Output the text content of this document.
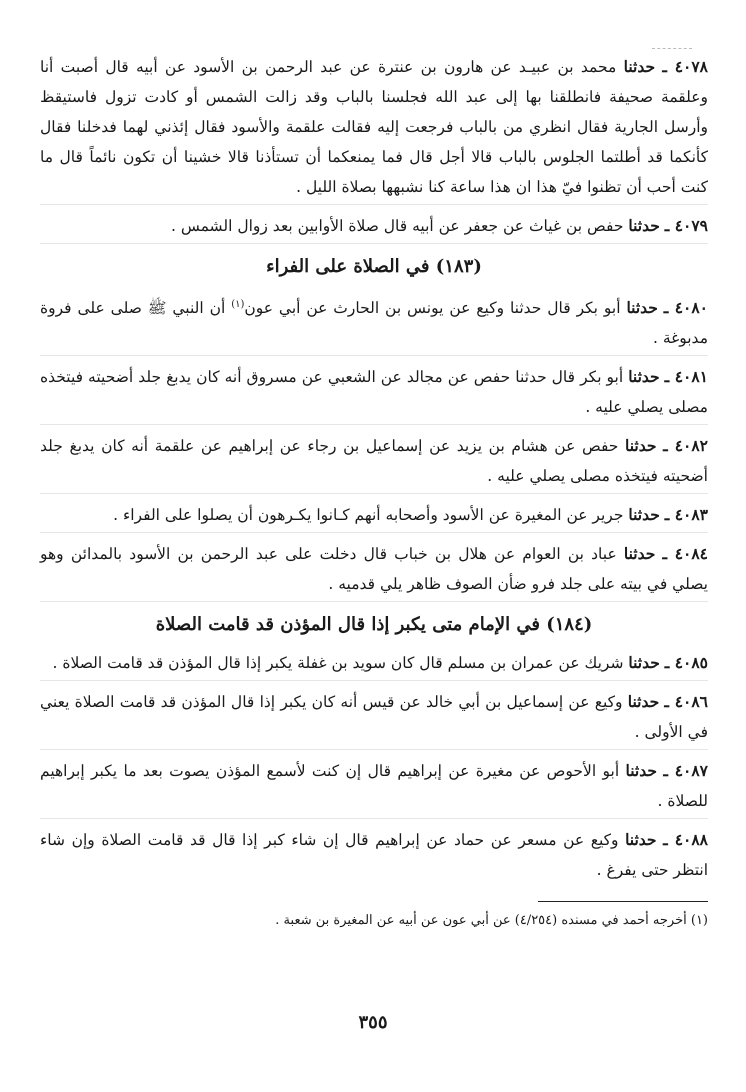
٤٠٧٨ ـ حدثنا محمد بن عبيـد عن هارون بن عنترة عن عبد الرحمن بن الأسود عن أبيه قال أصبت أنا وعلقمة صحيفة فانطلقنا بها إلى عبد الله فجلسنا بالباب وقد زالت الشمس أو كادت تزول فاستيقظ وأرسل الجارية فقال انظري من بالباب فرجعت إليه فقالت علقمة والأسود فقال إئذني لهما فدخلنا فقال كأنكما قد أطلتما الجلوس بالباب قالا أجل قال فما يمنعكما أن تستأذنا قالا خشينا أن تكون نائماً قال ما كنت أحب أن تظنوا فيّ هذا ان هذا ساعة كنا نشبهها بصلاة الليل .

٤٠٧٩ ـ حدثنا حفص بن غياث عن جعفر عن أبيه قال صلاة الأوابين بعد زوال الشمس .

(١٨٣) في الصلاة على الفراء

٤٠٨٠ ـ حدثنا أبو بكر قال حدثنا وكيع عن يونس بن الحارث عن أبي عون$^{(١)}$ أن النبي ﷺ صلى على فروة مدبوغة .

٤٠٨١ ـ حدثنا أبو بكر قال حدثنا حفص عن مجالد عن الشعبي عن مسروق أنه كان يدبغ جلد أضحيته فيتخذه مصلى يصلي عليه .

٤٠٨٢ ـ حدثنا حفص عن هشام بن يزيد عن إسماعيل بن رجاء عن إبراهيم عن علقمة أنه كان يدبغ جلد أضحيته فيتخذه مصلى يصلي عليه .

٤٠٨٣ ـ حدثنا جرير عن المغيرة عن الأسود وأصحابه أنهم كـانوا يكـرهون أن يصلوا على الفراء .

٤٠٨٤ ـ حدثنا عباد بن العوام عن هلال بن خباب قال دخلت على عبد الرحمن بن الأسود بالمدائن وهو يصلي في بيته على جلد فرو ضأن الصوف ظاهر يلي قدميه .

(١٨٤) في الإمام متى يكبر إذا قال المؤذن قد قامت الصلاة

٤٠٨٥ ـ حدثنا شريك عن عمران بن مسلم قال كان سويد بن غفلة يكبر إذا قال المؤذن قد قامت الصلاة .

٤٠٨٦ ـ حدثنا وكيع عن إسماعيل بن أبي خالد عن قيس أنه كان يكبر إذا قال المؤذن قد قامت الصلاة يعني في الأولى .

٤٠٨٧ ـ حدثنا أبو الأحوص عن مغيرة عن إبراهيم قال إن كنت لأسمع المؤذن يصوت بعد ما يكبر إبراهيم للصلاة .

٤٠٨٨ ـ حدثنا وكيع عن مسعر عن حماد عن إبراهيم قال إن شاء كبر إذا قال قد قامت الصلاة وإن شاء انتظر حتى يفرغ .

(١) أخرجه أحمد في مسنده (٤/٢٥٤) عن أبي عون عن أبيه عن المغيرة بن شعبة .
٣٥٥
